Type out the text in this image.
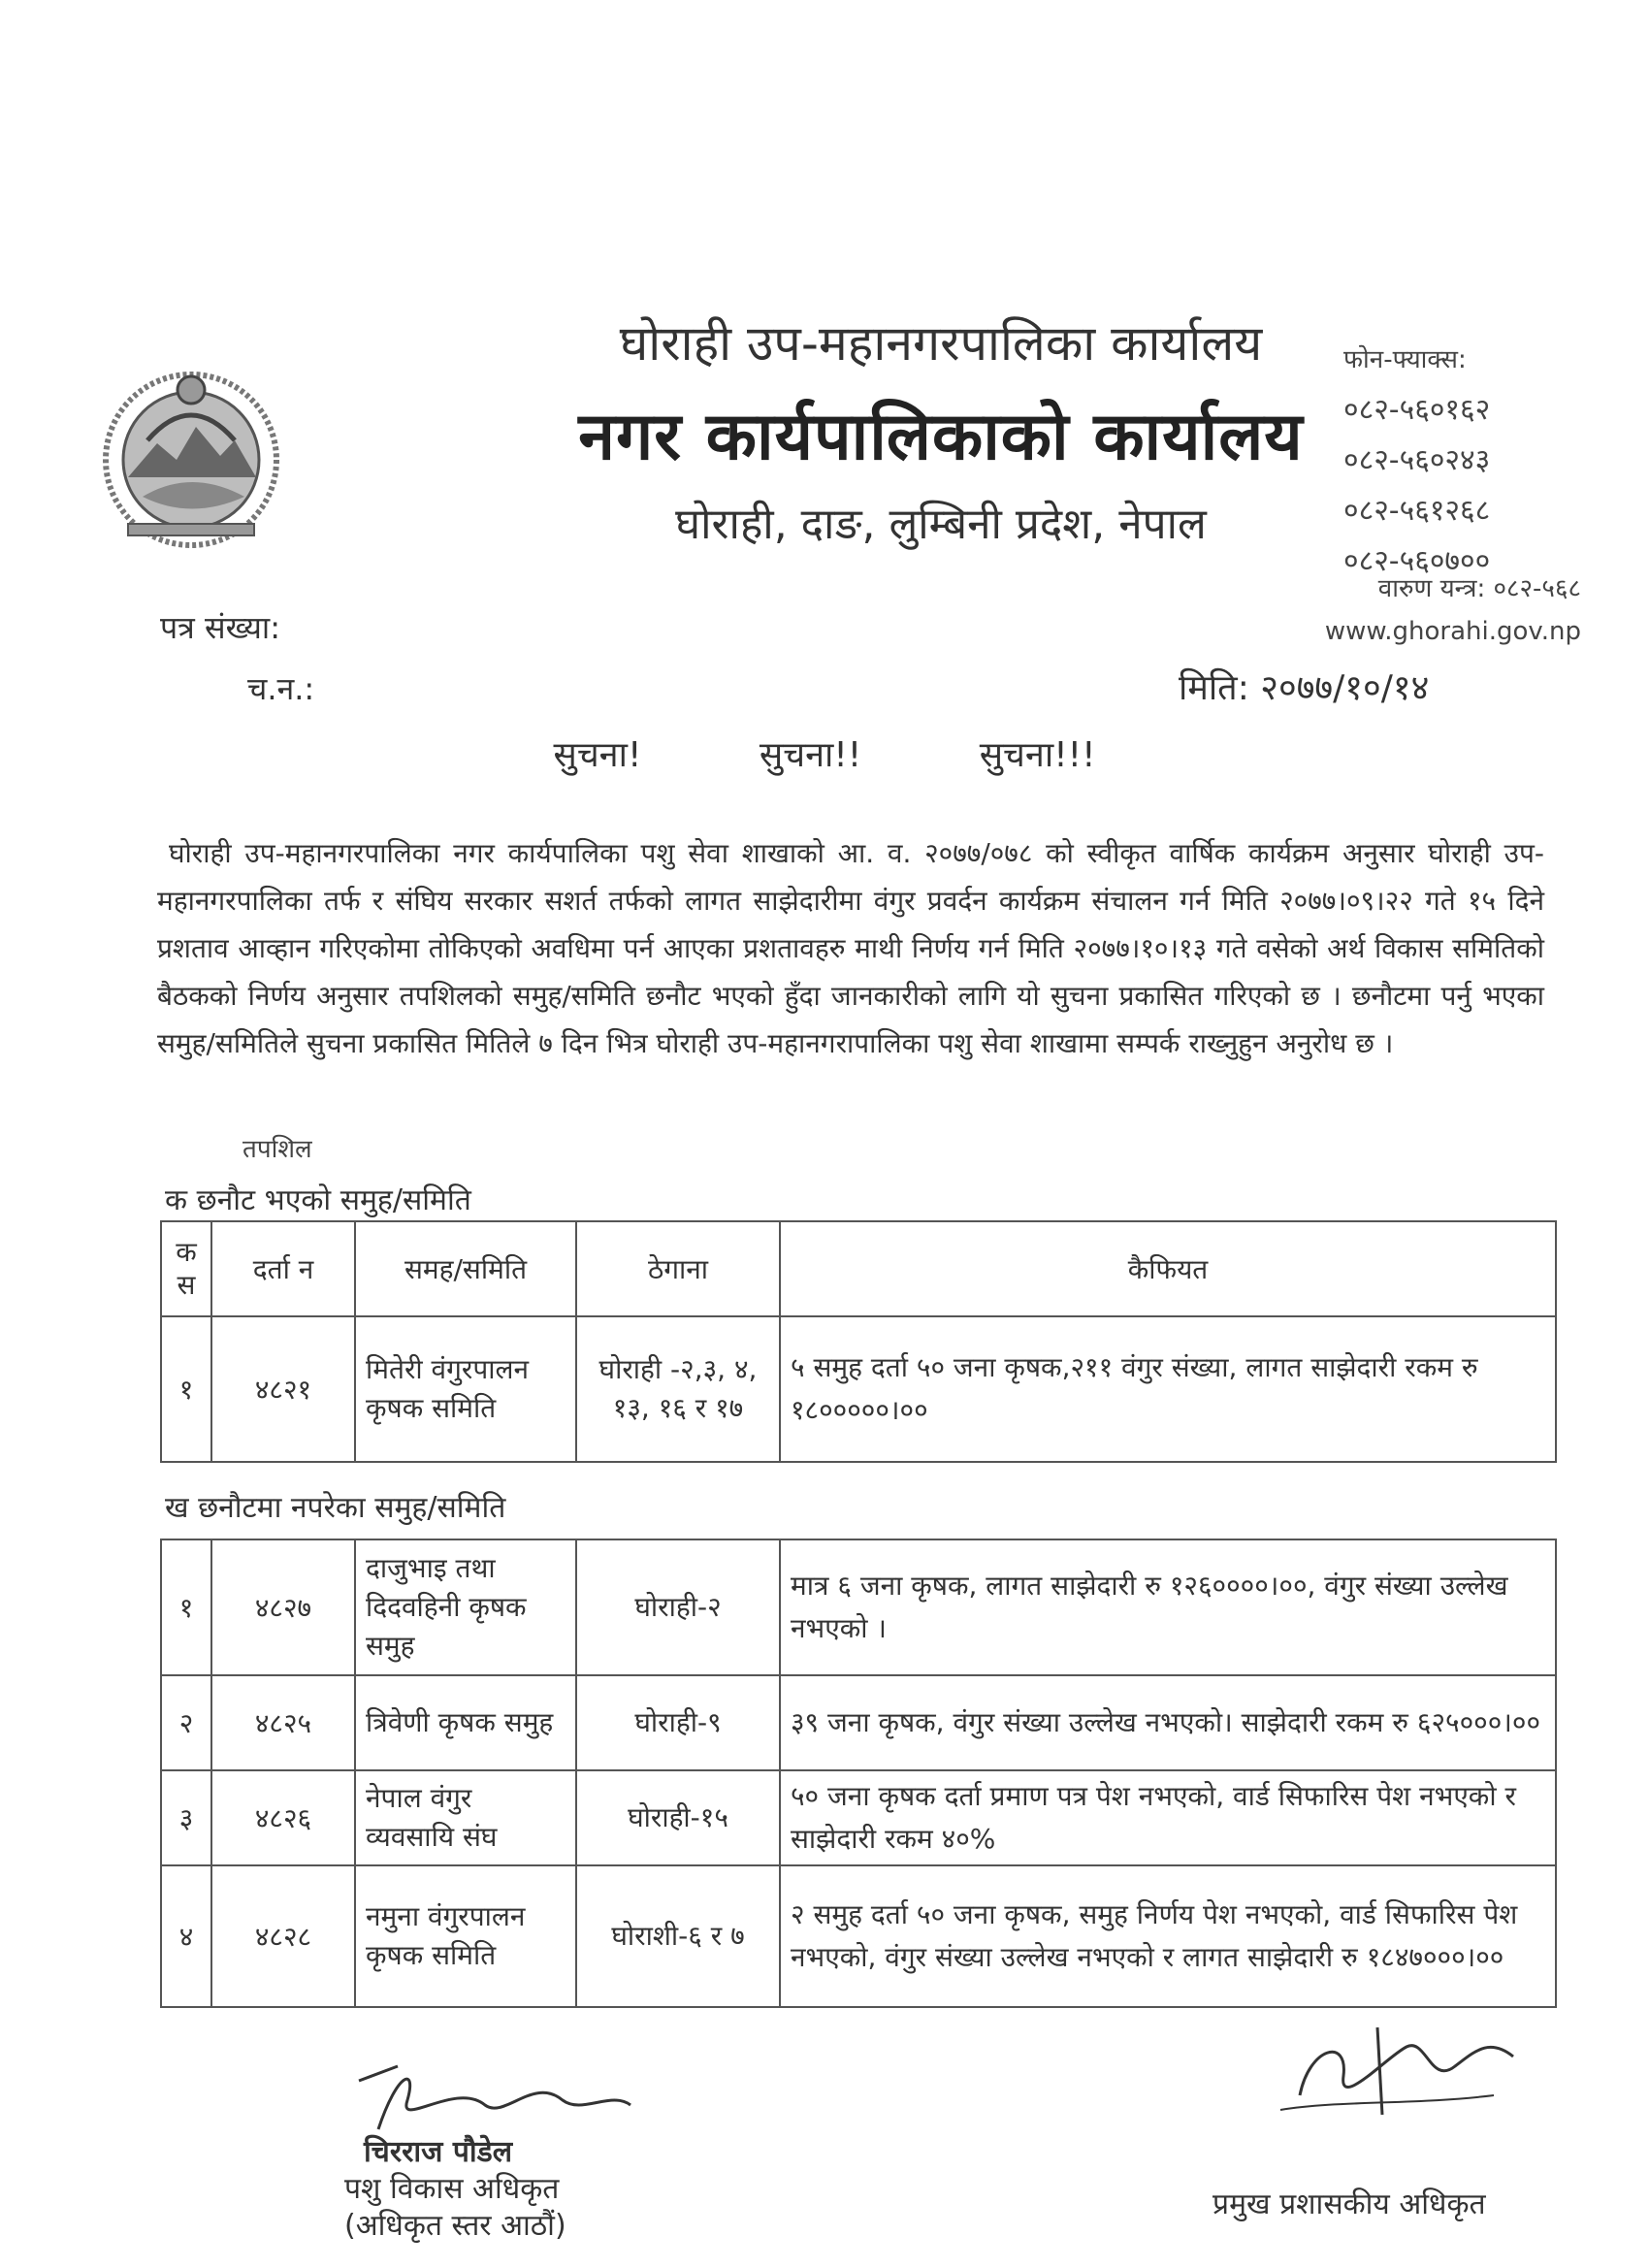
घोराही उप-महानगरपालिका कार्यालय
नगर कार्यपालिकाको कार्यालय
घोराही, दाङ, लुम्बिनी प्रदेश, नेपाल
फोन-फ्याक्स:
०८२-५६०१६२
०८२-५६०२४३
०८२-५६१२६८
०८२-५६०७००
वारुण यन्त्र: ०८२-५६८
www.ghorahi.gov.np
पत्र संख्या:
च.न.:	मिति: २०७७/१०/१४
सुचना!	सुचना!!	सुचना!!!
घोराही उप-महानगरपालिका नगर कार्यपालिका पशु सेवा शाखाको आ. व. २०७७/०७८ को स्वीकृत वार्षिक कार्यक्रम अनुसार घोराही उप-महानगरपालिका तर्फ र संघिय सरकार सशर्त तर्फको लागत साझेदारीमा वंगुर प्रवर्दन कार्यक्रम संचालन गर्न मिति २०७७।०९।२२ गते १५ दिने प्रशताव आव्हान गरिएकोमा तोकिएको अवधिमा पर्न आएका प्रशतावहरु माथी निर्णय गर्न मिति २०७७।१०।१३ गते वसेको अर्थ विकास समितिको बैठकको निर्णय अनुसार तपशिलको समुह/समिति छनौट भएको हुँदा जानकारीको लागि यो सुचना प्रकासित गरिएको छ । छनौटमा पर्नु भएका समुह/समितिले सुचना प्रकासित मितिले ७ दिन भित्र घोराही उप-महानगरापालिका पशु सेवा शाखामा सम्पर्क राख्नुहुन अनुरोध छ ।
तपशिल
क छनौट भएको समुह/समिति
क स	दर्ता न	समह/समिति	ठेगाना	कैफियत
१	४८२१	मितेरी वंगुरपालन कृषक समिति	घोराही -२,३, ४, १३, १६ र १७	५ समुह दर्ता ५० जना कृषक,२११ वंगुर संख्या, लागत साझेदारी रकम रु १८०००००।००
ख छनौटमा नपरेका समुह/समिति
१	४८२७	दाजुभाइ तथा दिदवहिनी कृषक समुह	घोराही-२	मात्र ६ जना कृषक, लागत साझेदारी रु १२६००००।००, वंगुर संख्या उल्लेख नभएको ।
२	४८२५	त्रिवेणी कृषक समुह	घोराही-९	३९ जना कृषक, वंगुर संख्या उल्लेख नभएको। साझेदारी रकम रु ६२५०००।००
३	४८२६	नेपाल वंगुर व्यवसायि संघ	घोराही-१५	५० जना कृषक दर्ता प्रमाण पत्र पेश नभएको, वार्ड सिफारिस पेश नभएको र साझेदारी रकम ४०%
४	४८२८	नमुना वंगुरपालन कृषक समिति	घोराशी-६ र ७	२ समुह दर्ता ५० जना कृषक, समुह निर्णय पेश नभएको, वार्ड सिफारिस पेश नभएको, वंगुर संख्या उल्लेख नभएको र लागत साझेदारी रु १८४७०००।००
चिरराज पौडेल
पशु विकास अधिकृत
(अधिकृत स्तर आठौं)
प्रमुख प्रशासकीय अधिकृत
